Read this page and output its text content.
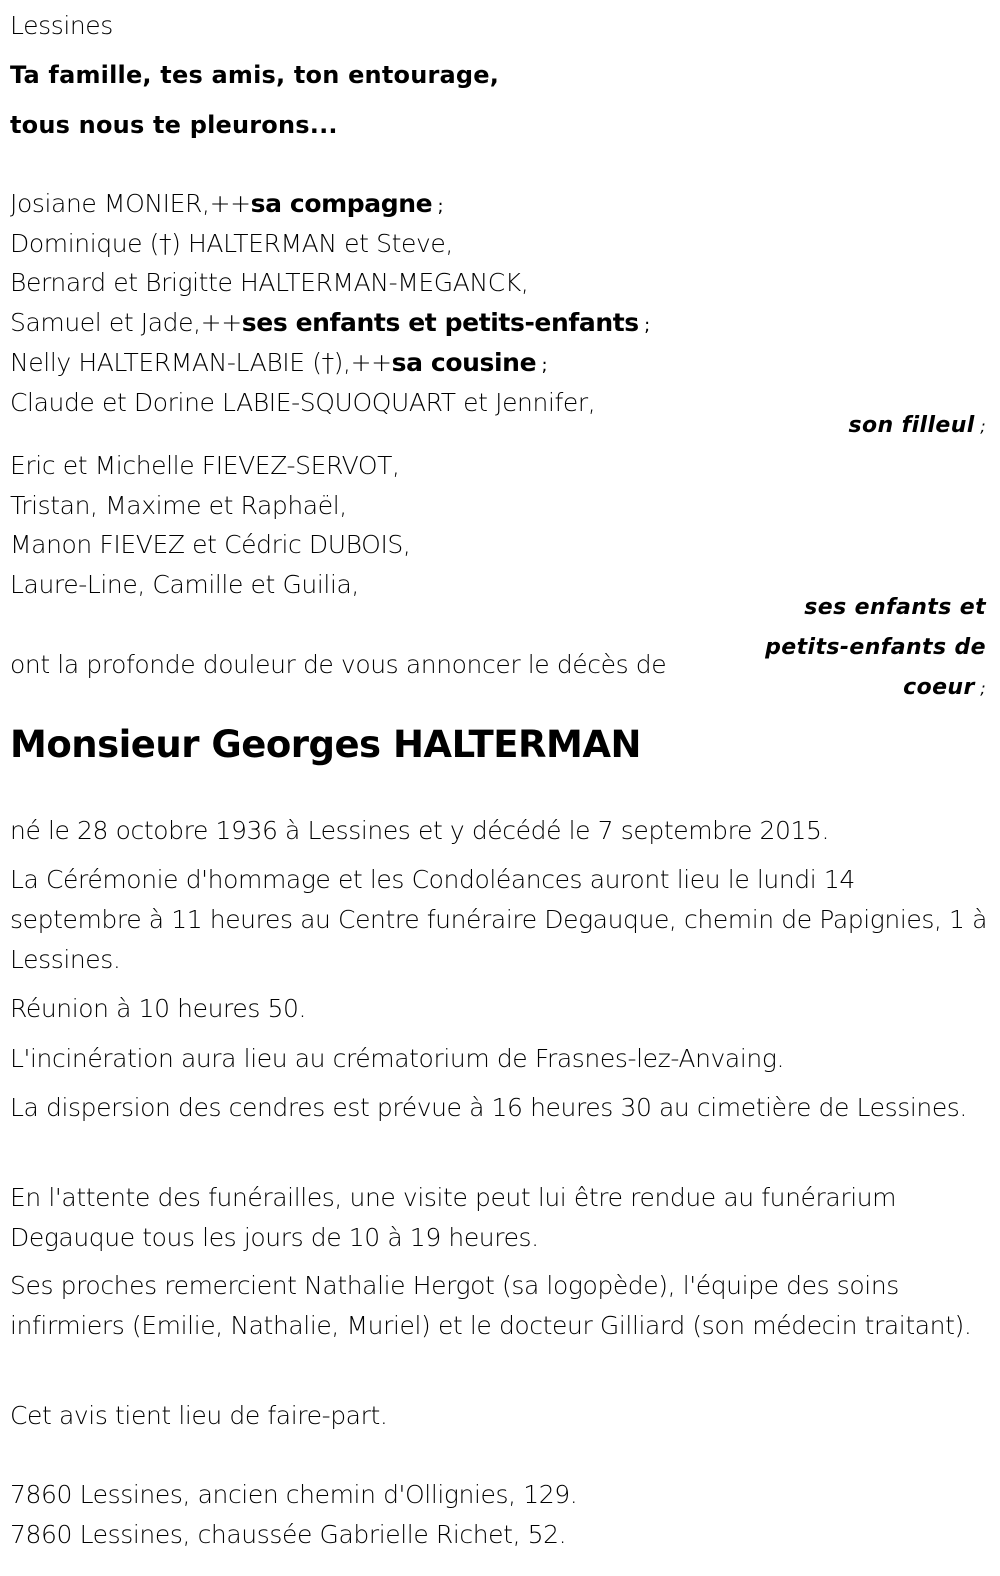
Lessines
Ta famille, tes amis, ton entourage,
tous nous te pleurons...
Josiane MONIER,++sa compagne ;
Dominique (†) HALTERMAN et Steve,
Bernard et Brigitte HALTERMAN-MEGANCK,
Samuel et Jade,++ses enfants et petits-enfants ;
Nelly HALTERMAN-LABIE (†),++sa cousine ;
Claude et Dorine LABIE-SQUOQUART et Jennifer,
son filleul ;
Eric et Michelle FIEVEZ-SERVOT,
Tristan, Maxime et Raphaël,
Manon FIEVEZ et Cédric DUBOIS,
Laure-Line, Camille et Guilia,
ses enfants et
petits-enfants de
coeur ;
ont la profonde douleur de vous annoncer le décès de
Monsieur Georges HALTERMAN
né le 28 octobre 1936 à Lessines et y décédé le 7 septembre 2015.
La Cérémonie d'hommage et les Condoléances auront lieu le lundi 14 septembre à 11 heures au Centre funéraire Degauque, chemin de Papignies, 1 à Lessines.
Réunion à 10 heures 50.
L'incinération aura lieu au crématorium de Frasnes-lez-Anvaing.
La dispersion des cendres est prévue à 16 heures 30 au cimetière de Lessines.
En l'attente des funérailles, une visite peut lui être rendue au funérarium Degauque tous les jours de 10 à 19 heures.
Ses proches remercient Nathalie Hergot (sa logopède), l'équipe des soins infirmiers (Emilie, Nathalie, Muriel) et le docteur Gilliard (son médecin traitant).
Cet avis tient lieu de faire-part.
7860 Lessines, ancien chemin d'Ollignies, 129.
7860 Lessines, chaussée Gabrielle Richet, 52.
